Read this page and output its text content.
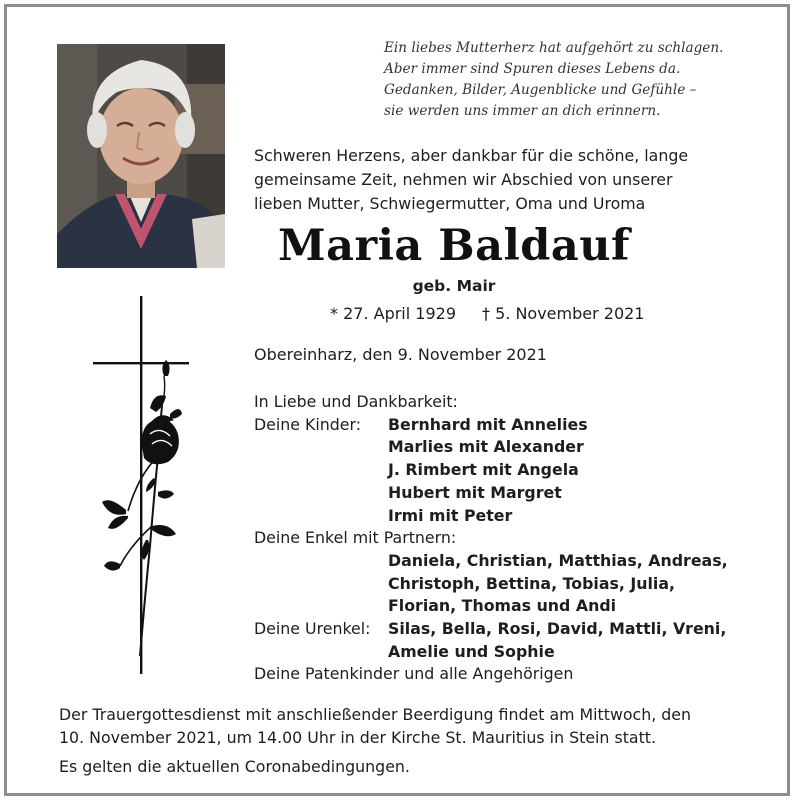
Ein liebes Mutterherz hat aufgehört zu schlagen.
Aber immer sind Spuren dieses Lebens da.
Gedanken, Bilder, Augenblicke und Gefühle –
sie werden uns immer an dich erinnern.
Schweren Herzens, aber dankbar für die schöne, lange
gemeinsame Zeit, nehmen wir Abschied von unserer
lieben Mutter, Schwiegermutter, Oma und Uroma
Maria Baldauf
geb. Mair
* 27. April 1929 † 5. November 2021
Obereinharz, den 9. November 2021
In Liebe und Dankbarkeit:
Deine Kinder:	Bernhard mit Annelies
Marlies mit Alexander
J. Rimbert mit Angela
Hubert mit Margret
Irmi mit Peter
Deine Enkel mit Partnern:
Daniela, Christian, Matthias, Andreas,
Christoph, Bettina, Tobias, Julia,
Florian, Thomas und Andi
Deine Urenkel:	Silas, Bella, Rosi, David, Mattli, Vreni,
Amelie und Sophie
Deine Patenkinder und alle Angehörigen

Der Trauergottesdienst mit anschließender Beerdigung findet am Mittwoch, den

10. November 2021, um 14.00 Uhr in der Kirche St. Mauritius in Stein statt.

Es gelten die aktuellen Coronabedingungen.
